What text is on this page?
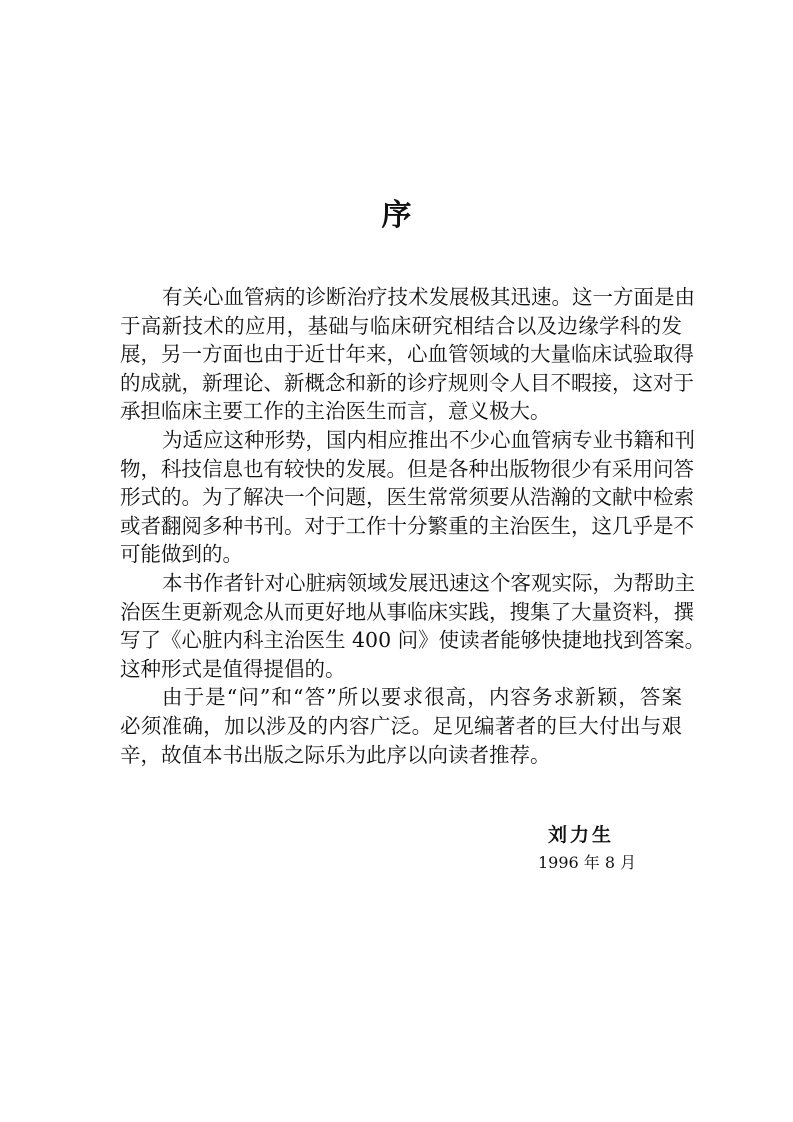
序
有关心血管病的诊断治疗技术发展极其迅速。这一方面是由
于高新技术的应用，基础与临床研究相结合以及边缘学科的发
展，另一方面也由于近廿年来，心血管领域的大量临床试验取得
的成就，新理论、新概念和新的诊疗规则令人目不暇接，这对于
承担临床主要工作的主治医生而言，意义极大。
为适应这种形势，国内相应推出不少心血管病专业书籍和刊
物，科技信息也有较快的发展。但是各种出版物很少有采用问答
形式的。为了解决一个问题，医生常常须要从浩瀚的文献中检索
或者翻阅多种书刊。对于工作十分繁重的主治医生，这几乎是不
可能做到的。
本书作者针对心脏病领域发展迅速这个客观实际，为帮助主
治医生更新观念从而更好地从事临床实践，搜集了大量资料，撰
写了《心脏内科主治医生 400 问》使读者能够快捷地找到答案。
这种形式是值得提倡的。
由于是“问”和“答”所以要求很高，内容务求新颖，答案
必须准确，加以涉及的内容广泛。足见编著者的巨大付出与艰
辛，故值本书出版之际乐为此序以向读者推荐。
刘力生
1996 年 8 月
